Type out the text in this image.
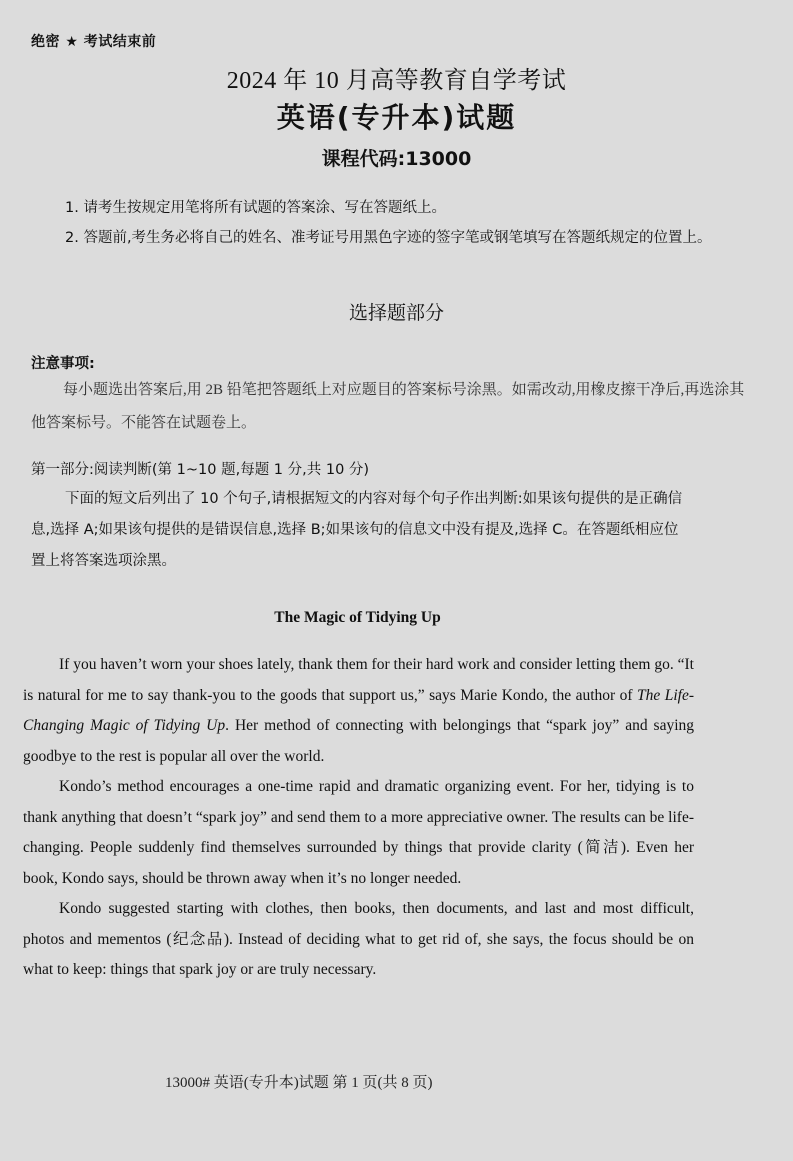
绝密 ★ 考试结束前
2024 年 10 月高等教育自学考试
英语(专升本)试题
课程代码:13000
1. 请考生按规定用笔将所有试题的答案涂、写在答题纸上。
2. 答题前,考生务必将自己的姓名、准考证号用黑色字迹的签字笔或钢笔填写在答题纸规定的位置上。
选择题部分
注意事项:
每小题选出答案后,用 2B 铅笔把答题纸上对应题目的答案标号涂黑。如需改动,用橡皮擦干净后,再选涂其他答案标号。不能答在试题卷上。
第一部分:阅读判断(第 1~10 题,每题 1 分,共 10 分)
下面的短文后列出了 10 个句子,请根据短文的内容对每个句子作出判断:如果该句提供的是正确信息,选择 A;如果该句提供的是错误信息,选择 B;如果该句的信息文中没有提及,选择 C。在答题纸相应位置上将答案选项涂黑。
The Magic of Tidying Up

If you haven’t worn your shoes lately, thank them for their hard work and consider letting them go. “It is natural for me to say thank-you to the goods that support us,” says Marie Kondo, the author of The Life-Changing Magic of Tidying Up. Her method of connecting with belongings that “spark joy” and saying goodbye to the rest is popular all over the world.

Kondo’s method encourages a one-time rapid and dramatic organizing event. For her, tidying is to thank anything that doesn’t “spark joy” and send them to a more appreciative owner. The results can be life-changing. People suddenly find themselves surrounded by things that provide clarity (简洁). Even her book, Kondo says, should be thrown away when it’s no longer needed.

Kondo suggested starting with clothes, then books, then documents, and last and most difficult, photos and mementos (纪念品). Instead of deciding what to get rid of, she says, the focus should be on what to keep: things that spark joy or are truly necessary.

13000# 英语(专升本)试题 第 1 页(共 8 页)
